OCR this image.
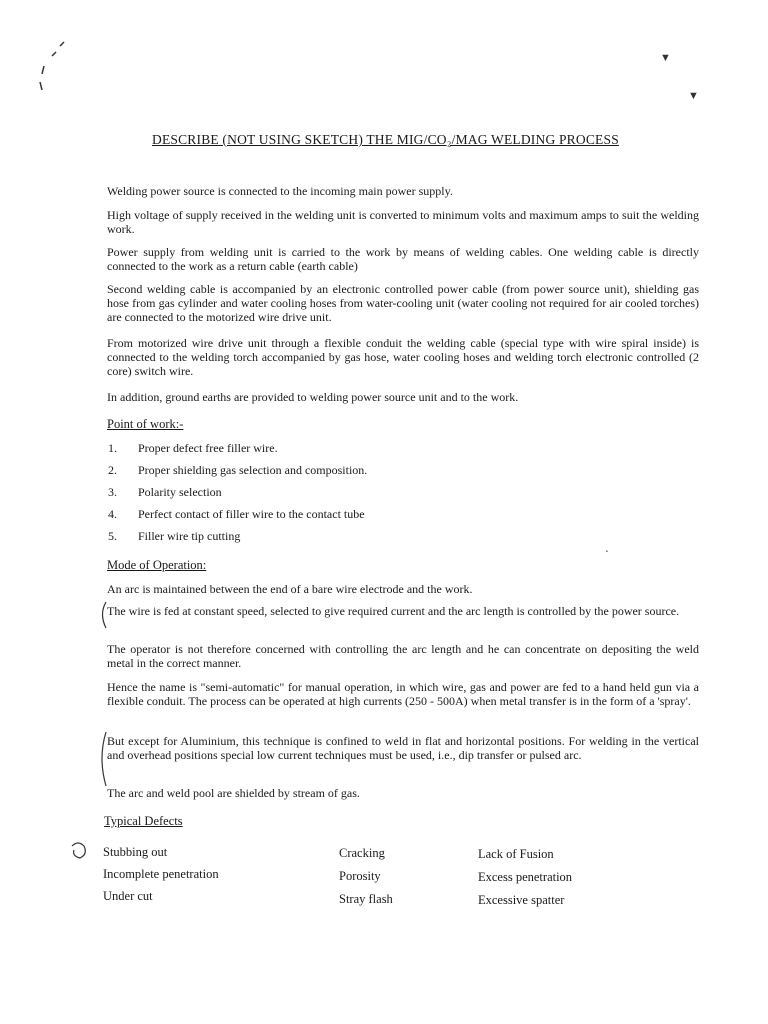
▼
▼
DESCRIBE (NOT USING SKETCH) THE MIG/CO₂/MAG WELDING PROCESS
Welding power source is connected to the incoming main power supply.
High voltage of supply received in the welding unit is converted to minimum volts and maximum amps to suit the welding work.
Power supply from welding unit is carried to the work by means of welding cables. One welding cable is directly connected to the work as a return cable (earth cable)
Second welding cable is accompanied by an electronic controlled power cable (from power source unit), shielding gas hose from gas cylinder and water cooling hoses from water-cooling unit (water cooling not required for air cooled torches) are connected to the motorized wire drive unit.
From motorized wire drive unit through a flexible conduit the welding cable (special type with wire spiral inside) is connected to the welding torch accompanied by gas hose, water cooling hoses and welding torch electronic controlled (2 core) switch wire.
In addition, ground earths are provided to welding power source unit and to the work.
Point of work:-
1. Proper defect free filler wire.
2. Proper shielding gas selection and composition.
3. Polarity selection
4. Perfect contact of filler wire to the contact tube
5. Filler wire tip cutting
⋅
Mode of Operation:
An arc is maintained between the end of a bare wire electrode and the work.
The wire is fed at constant speed, selected to give required current and the arc length is controlled by the power source.
The operator is not therefore concerned with controlling the arc length and he can concentrate on depositing the weld metal in the correct manner.
Hence the name is "semi-automatic" for manual operation, in which wire, gas and power are fed to a hand held gun via a flexible conduit. The process can be operated at high currents (250 - 500A) when metal transfer is in the form of a 'spray'.
But except for Aluminium, this technique is confined to weld in flat and horizontal positions. For welding in the vertical and overhead positions special low current techniques must be used, i.e., dip transfer or pulsed arc.
The arc and weld pool are shielded by stream of gas.
Typical Defects
Stubbing out
Incomplete penetration
Under cut
Cracking
Porosity
Stray flash
Lack of Fusion
Excess penetration
Excessive spatter
